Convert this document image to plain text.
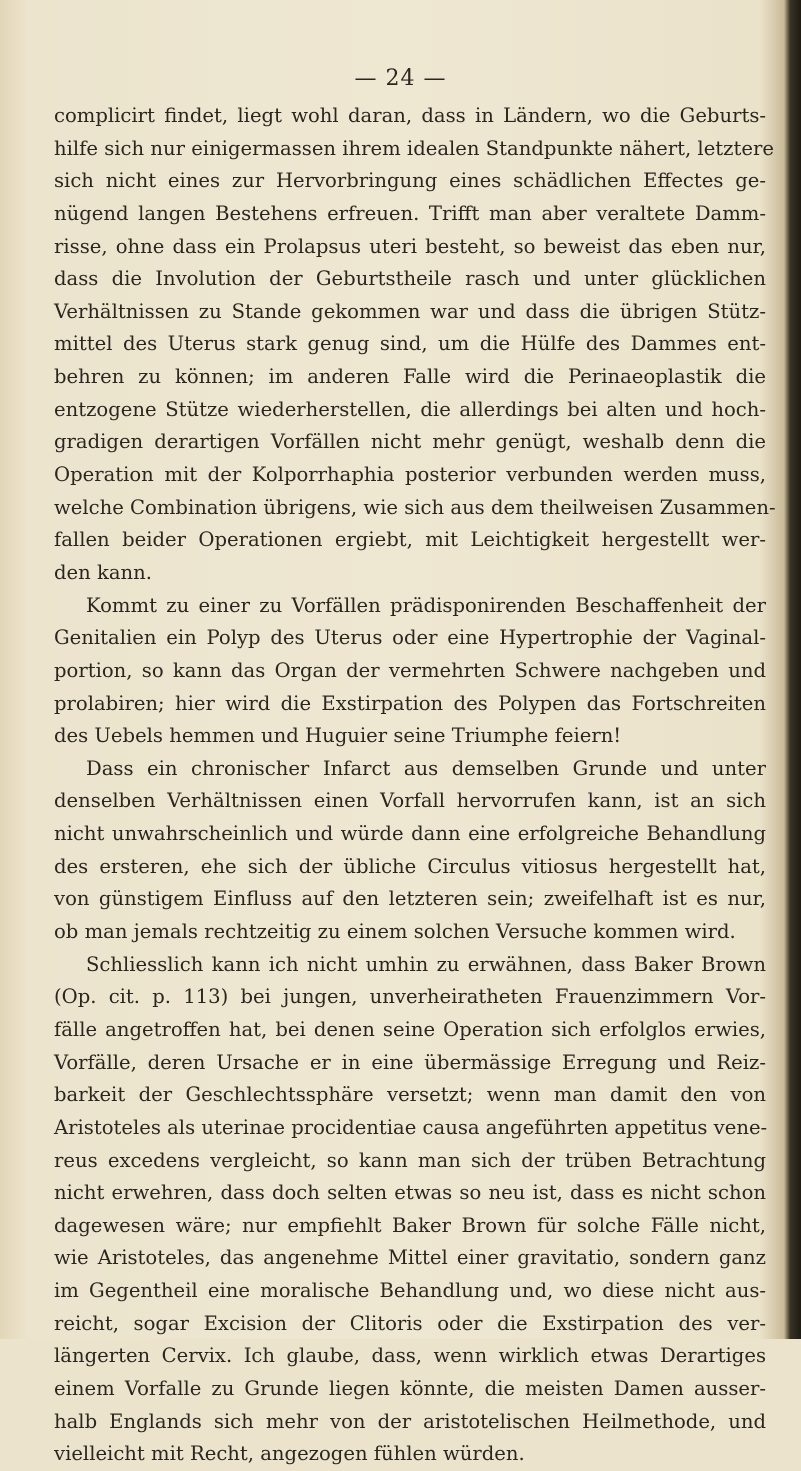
— 24 —
complicirt findet, liegt wohl daran, dass in Ländern, wo die Geburts-
hilfe sich nur einigermassen ihrem idealen Standpunkte nähert, letztere
sich nicht eines zur Hervorbringung eines schädlichen Effectes ge-
nügend langen Bestehens erfreuen. Trifft man aber veraltete Damm-
risse, ohne dass ein Prolapsus uteri besteht, so beweist das eben nur,
dass die Involution der Geburtstheile rasch und unter glücklichen
Verhältnissen zu Stande gekommen war und dass die übrigen Stütz-
mittel des Uterus stark genug sind, um die Hülfe des Dammes ent-
behren zu können; im anderen Falle wird die Perinaeoplastik die
entzogene Stütze wiederherstellen, die allerdings bei alten und hoch-
gradigen derartigen Vorfällen nicht mehr genügt, weshalb denn die
Operation mit der Kolporrhaphia posterior verbunden werden muss,
welche Combination übrigens, wie sich aus dem theilweisen Zusammen-
fallen beider Operationen ergiebt, mit Leichtigkeit hergestellt wer-
den kann.
Kommt zu einer zu Vorfällen prädisponirenden Beschaffenheit der
Genitalien ein Polyp des Uterus oder eine Hypertrophie der Vaginal-
portion, so kann das Organ der vermehrten Schwere nachgeben und
prolabiren; hier wird die Exstirpation des Polypen das Fortschreiten
des Uebels hemmen und Huguier seine Triumphe feiern!
Dass ein chronischer Infarct aus demselben Grunde und unter
denselben Verhältnissen einen Vorfall hervorrufen kann, ist an sich
nicht unwahrscheinlich und würde dann eine erfolgreiche Behandlung
des ersteren, ehe sich der übliche Circulus vitiosus hergestellt hat,
von günstigem Einfluss auf den letzteren sein; zweifelhaft ist es nur,
ob man jemals rechtzeitig zu einem solchen Versuche kommen wird.
Schliesslich kann ich nicht umhin zu erwähnen, dass Baker Brown
(Op. cit. p. 113) bei jungen, unverheiratheten Frauenzimmern Vor-
fälle angetroffen hat, bei denen seine Operation sich erfolglos erwies,
Vorfälle, deren Ursache er in eine übermässige Erregung und Reiz-
barkeit der Geschlechtssphäre versetzt; wenn man damit den von
Aristoteles als uterinae procidentiae causa angeführten appetitus vene-
reus excedens vergleicht, so kann man sich der trüben Betrachtung
nicht erwehren, dass doch selten etwas so neu ist, dass es nicht schon
dagewesen wäre; nur empfiehlt Baker Brown für solche Fälle nicht,
wie Aristoteles, das angenehme Mittel einer gravitatio, sondern ganz
im Gegentheil eine moralische Behandlung und, wo diese nicht aus-
reicht, sogar Excision der Clitoris oder die Exstirpation des ver-
längerten Cervix. Ich glaube, dass, wenn wirklich etwas Derartiges
einem Vorfalle zu Grunde liegen könnte, die meisten Damen ausser-
halb Englands sich mehr von der aristotelischen Heilmethode, und
vielleicht mit Recht, angezogen fühlen würden.
